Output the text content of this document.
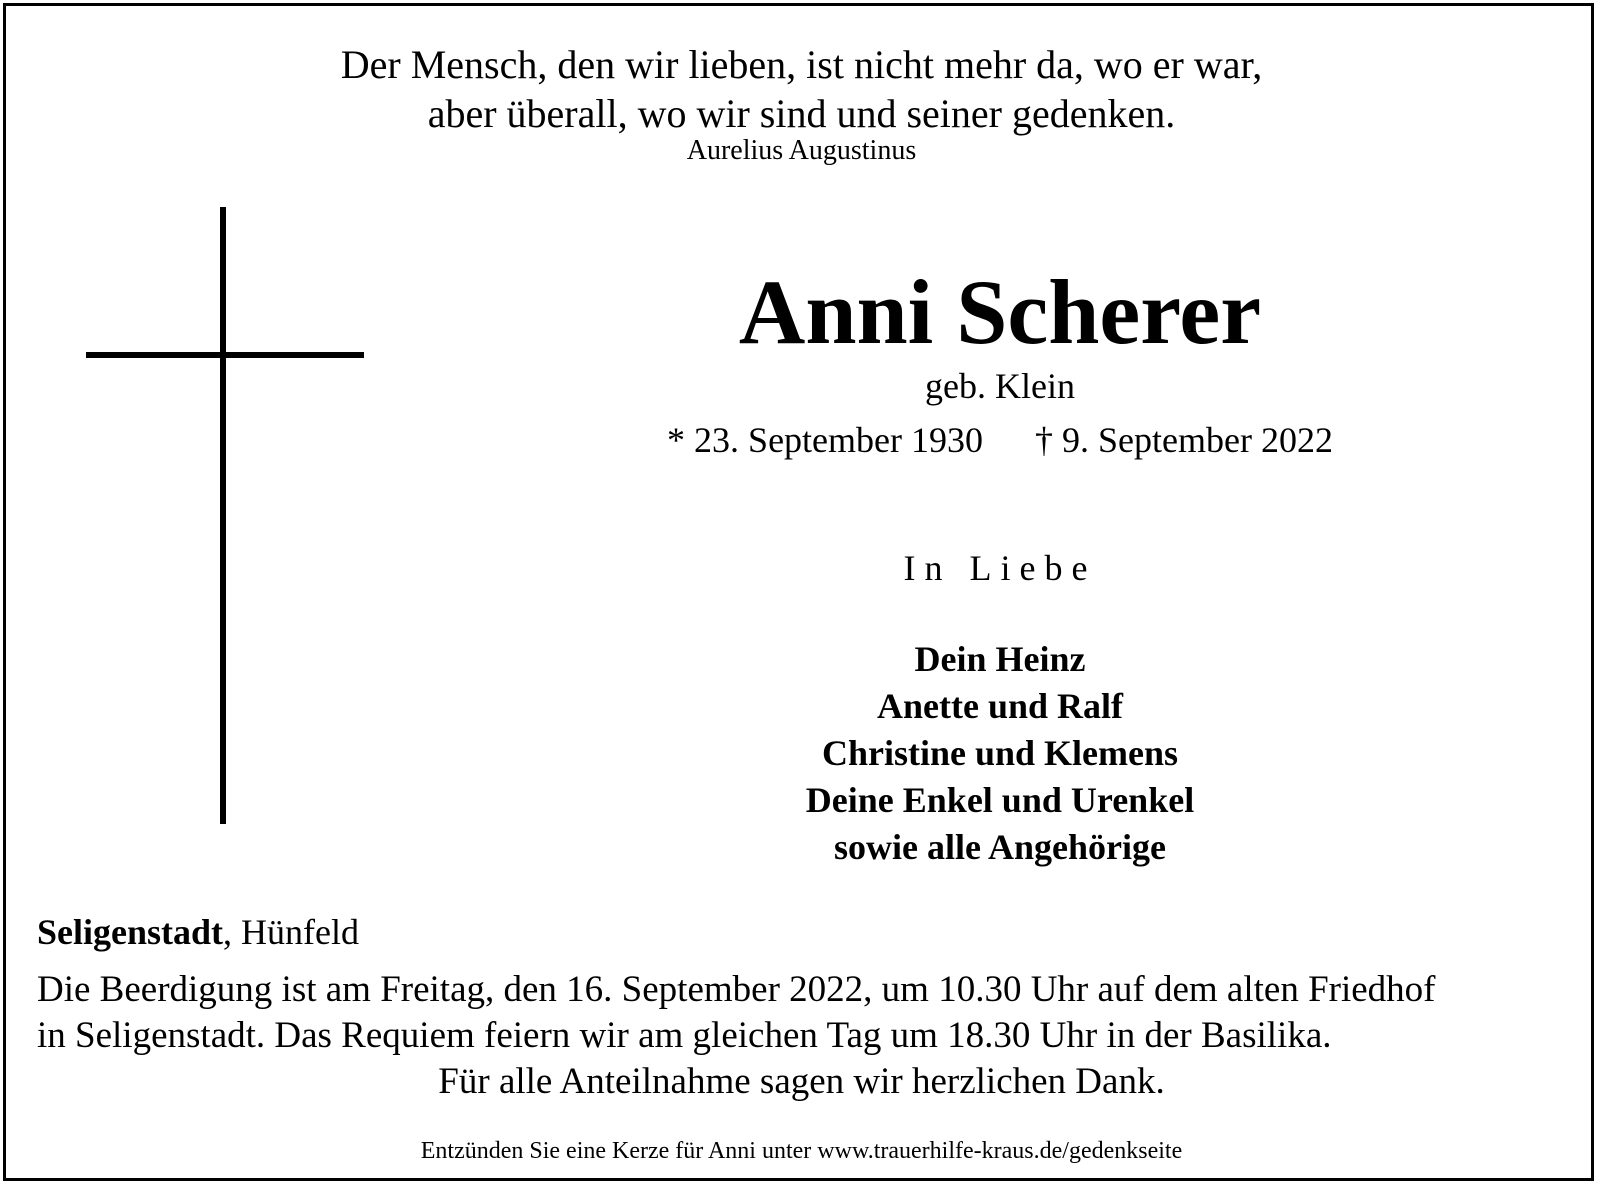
Der Mensch, den wir lieben, ist nicht mehr da, wo er war,
aber überall, wo wir sind und seiner gedenken.
Aurelius Augustinus
Anni Scherer
geb. Klein
* 23. September 1930 † 9. September 2022
In Liebe
Dein Heinz
Anette und Ralf
Christine und Klemens
Deine Enkel und Urenkel
sowie alle Angehörige
Seligenstadt, Hünfeld
Die Beerdigung ist am Freitag, den 16. September 2022, um 10.30 Uhr auf dem alten Friedhof
in Seligenstadt. Das Requiem feiern wir am gleichen Tag um 18.30 Uhr in der Basilika.
Für alle Anteilnahme sagen wir herzlichen Dank.
Entzünden Sie eine Kerze für Anni unter www.trauerhilfe-kraus.de/gedenkseite
